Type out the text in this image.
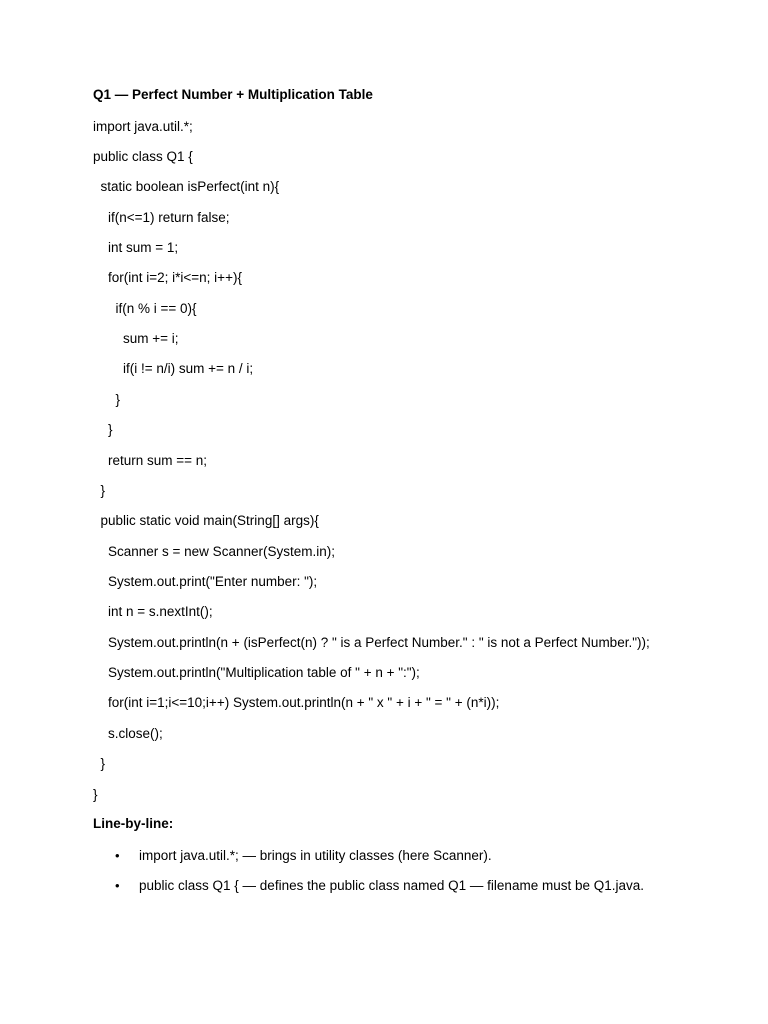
Q1 — Perfect Number + Multiplication Table
import java.util.*;
public class Q1 {
static boolean isPerfect(int n){
if(n<=1) return false;
int sum = 1;
for(int i=2; i*i<=n; i++){
if(n % i == 0){
sum += i;
if(i != n/i) sum += n / i;
}
}
return sum == n;
}
public static void main(String[] args){
Scanner s = new Scanner(System.in);
System.out.print("Enter number: ");
int n = s.nextInt();
System.out.println(n + (isPerfect(n) ? " is a Perfect Number." : " is not a Perfect Number."));
System.out.println("Multiplication table of " + n + ":");
for(int i=1;i<=10;i++) System.out.println(n + " x " + i + " = " + (n*i));
s.close();
}
}
Line-by-line:
• import java.util.*; — brings in utility classes (here Scanner).
• public class Q1 { — defines the public class named Q1 — filename must be Q1.java.
